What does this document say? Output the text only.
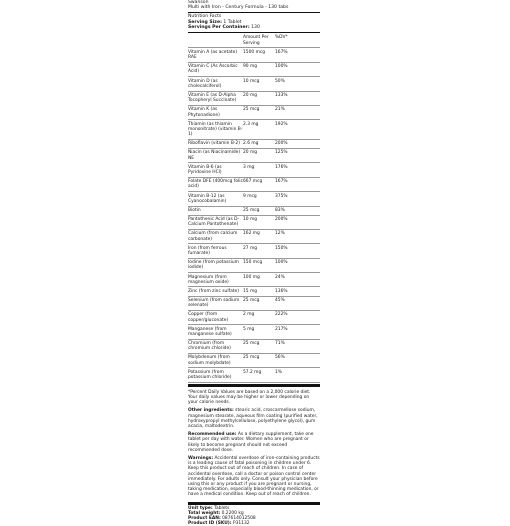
Swanson
Multi with Iron - Century Formula - 130 tabs
Nutrition Facts
Serving Size: 1 Tablet
Servings Per Container: 130
	Amount Per Serving	%DV*
Vitamin A (as acetate) RAE	1500 mcg	167%
Vitamin C (As Ascorbic Acid)	90 mg	100%
Vitamin D (as cholecalciferol)	10 mcg	50%
Vitamin E (as D-Alpha Tocopheryl Succinate)	20 mg	133%
Vitamin K (as Phytonadione)	25 mcg	21%
Thiamin (as thiamin mononitrate) (vitamin B-1)	2.3 mg	192%
Riboflavin (vitamin B-2)	2.6 mg	200%
Niacin (as Niacinamide) NE	20 mg	125%
Vitamin B-6 (as Pyridoxine HCl)	3 mg	176%
Folate DFE (400mcg folic acid)	667 mcg	167%
Vitamin B-12 (as Cyanocobalamin)	9 mcg	375%
Biotin	25 mcg	83%
Pantothenic Acid (as D-Calcium Pantothenate)	10 mg	200%
Calcium (from calcium carbonate)	162 mg	12%
Iron (from ferrous fumarate)	27 mg	150%
Iodine (from potassium iodide)	150 mcg	100%
Magnesium (from magnesium oxide)	100 mg	24%
Zinc (from zinc sulfate)	15 mg	136%
Selenium (from sodium selenate)	25 mcg	45%
Copper (from copper/gluconate)	2 mg	222%
Manganese (from manganese sulfate)	5 mg	217%
Chromium (from chromium chloride)	25 mcg	71%
Molybdenum (from sodium molybdate)	25 mcg	56%
Potassium (from potassium chloride)	57.2 mg	1%
*Percent Daily Values are based on a 2,000 calorie diet. Your daily values may be higher or lower depending on your calorie needs.
Other ingredients: stearic acid, croscarmellose sodium, magnesium stearate, aqueous film coating (purified water, hydroxypropyl methylcellulose, polyethylene glycol), gum acacia, maltodextrin.
Recommended use: As a dietary supplement, take one tablet per day with water. Women who are pregnant or likely to become pregnant should not exceed recommended dose.
Warnings: Accidental overdose of iron-containing products is a leading cause of fatal poisoning in children under 6. Keep this product out of reach of children. In case of accidental overdose, call a doctor or poison control center immediately. For adults only. Consult your physician before using this or any product if you are pregnant or nursing, taking medication, especially blood-thinning medication, or have a medical condition. Keep out of reach of children.
Unit type: Tablets
Total weight: 0.2200 kg
Product EAN: 087614012508
Product ID (SKU): P31132
